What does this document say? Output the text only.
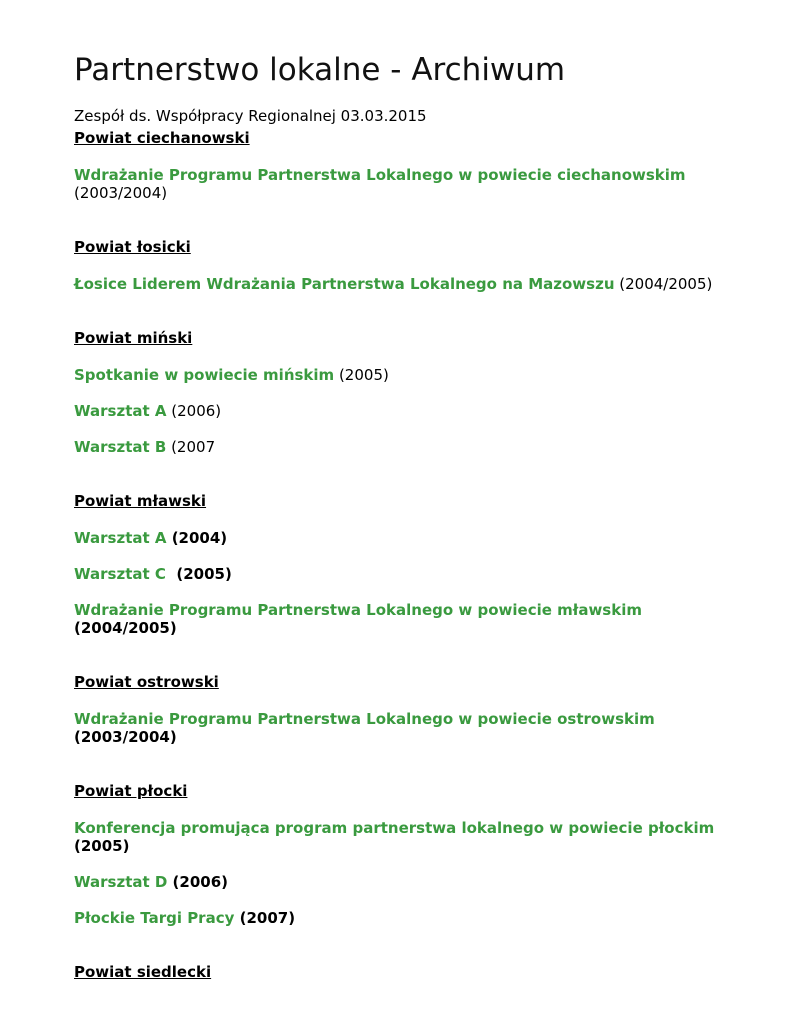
Partnerstwo lokalne - Archiwum
Zespół ds. Współpracy Regionalnej 03.03.2015
Powiat ciechanowski
Wdrażanie Programu Partnerstwa Lokalnego w powiecie ciechanowskim
(2003/2004)
Powiat łosicki
Łosice Liderem Wdrażania Partnerstwa Lokalnego na Mazowszu (2004/2005)
Powiat miński
Spotkanie w powiecie mińskim (2005)
Warsztat A (2006)
Warsztat B (2007
Powiat mławski
Warsztat A (2004)
Warsztat C  (2005)
Wdrażanie Programu Partnerstwa Lokalnego w powiecie mławskim
(2004/2005)
Powiat ostrowski
Wdrażanie Programu Partnerstwa Lokalnego w powiecie ostrowskim
(2003/2004)
Powiat płocki
Konferencja promująca program partnerstwa lokalnego w powiecie płockim
(2005)
Warsztat D (2006)
Płockie Targi Pracy (2007)
Powiat siedlecki
